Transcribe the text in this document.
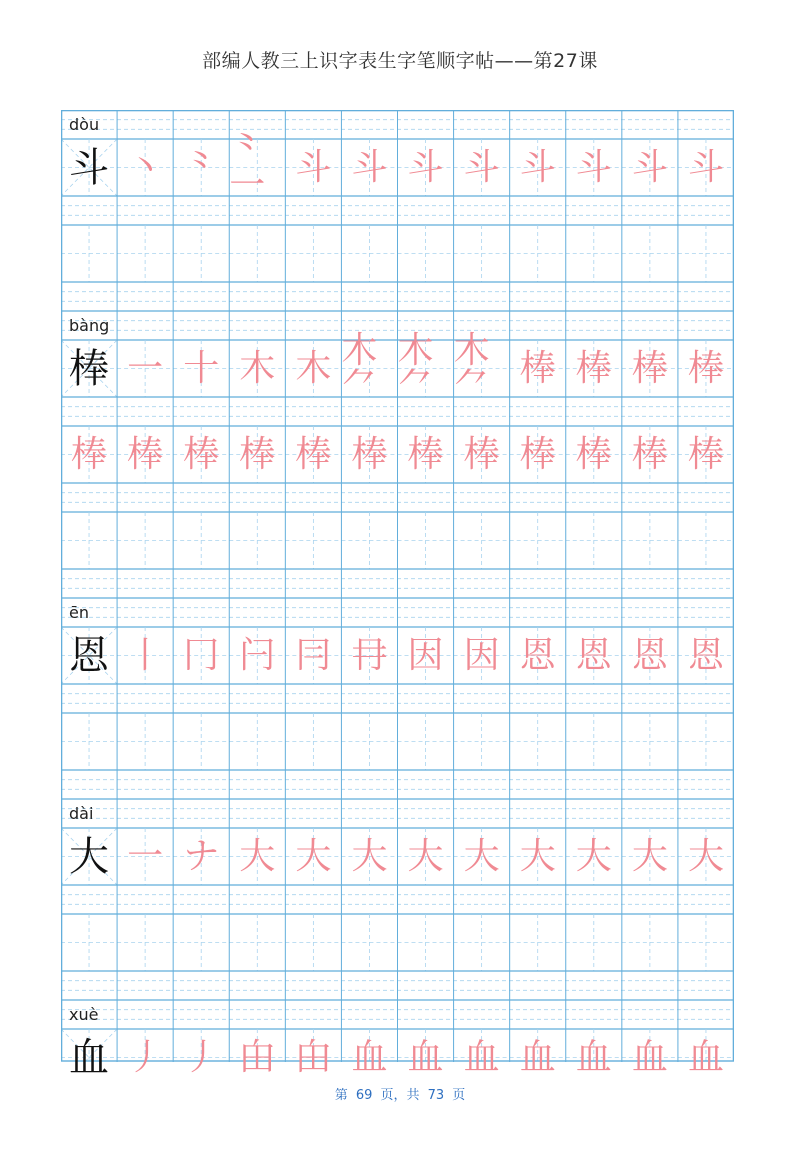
部编人教三上识字表生字笔顺字帖——第27课
dòu
斗 丶 ⺀ ⺀一 斗 斗 斗 斗 斗 斗 斗 斗
bàng
棒 一 十 木 木 木⺈
木⺈
木⺈ 棒 棒 棒 棒
棒 棒 棒 棒 棒 棒 棒 棒 棒 棒 棒 棒
ēn
恩 丨 冂 闩 冃 冄 因 因 恩 恩 恩 恩
dài
大 一 ナ 大 大 大 大 大 大 大 大 大
xuè
血 丿 丿 甶 甶 血 血 血 血 血 血 血
第 69 页，共 73 页
